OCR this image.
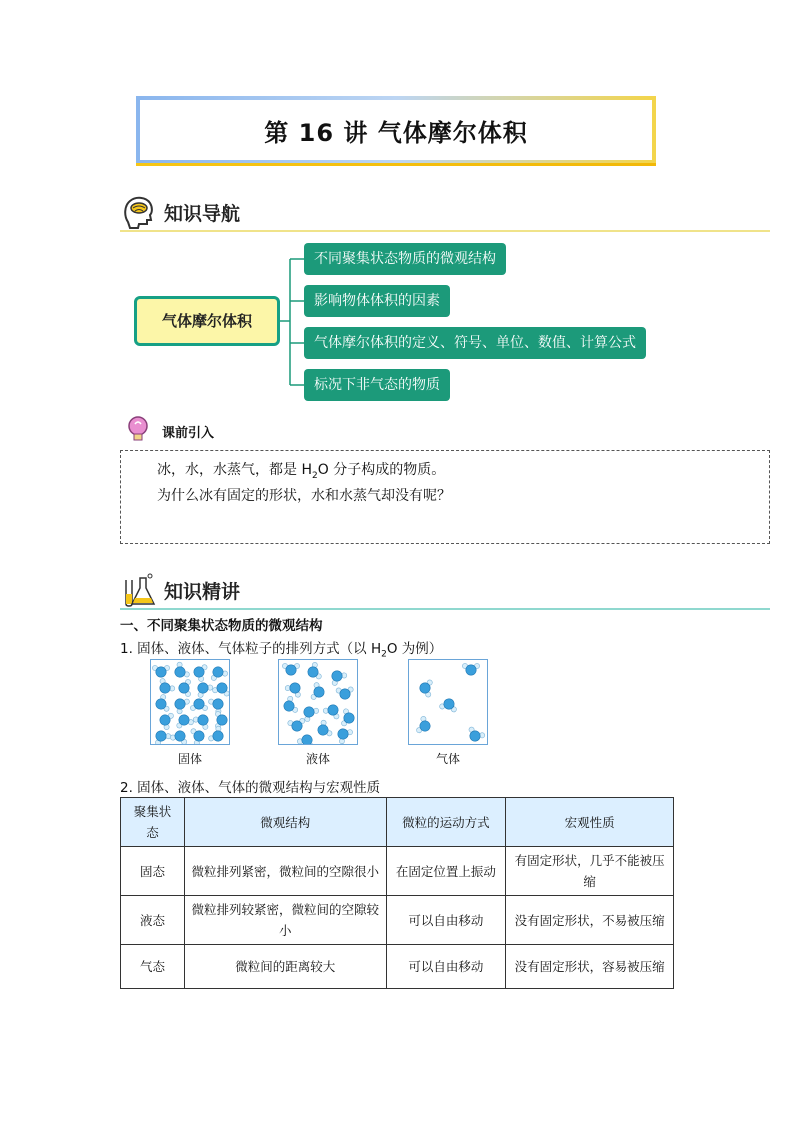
第 16 讲 气体摩尔体积
知识导航
气体摩尔体积
不同聚集状态物质的微观结构
影响物体体积的因素
气体摩尔体积的定义、符号、单位、数值、计算公式
标况下非气态的物质
课前引入
冰，水，水蒸气，都是 $H_2O$ 分子构成的物质。
为什么冰有固定的形状，水和水蒸气却没有呢？
知识精讲
一、不同聚集状态物质的微观结构
1. 固体、液体、气体粒子的排列方式（以 $H_2O$ 为例）
固体	液体	气体
2. 固体、液体、气体的微观结构与宏观性质
聚集状
态	微观结构	微粒的运动方式	宏观性质
固态	微粒排列紧密，微粒间的空隙很小	在固定位置上振动	有固定形状，几乎不能被压缩
液态	微粒排列较紧密，微粒间的空隙较小	可以自由移动	没有固定形状，不易被压缩
气态	微粒间的距离较大	可以自由移动	没有固定形状，容易被压缩
